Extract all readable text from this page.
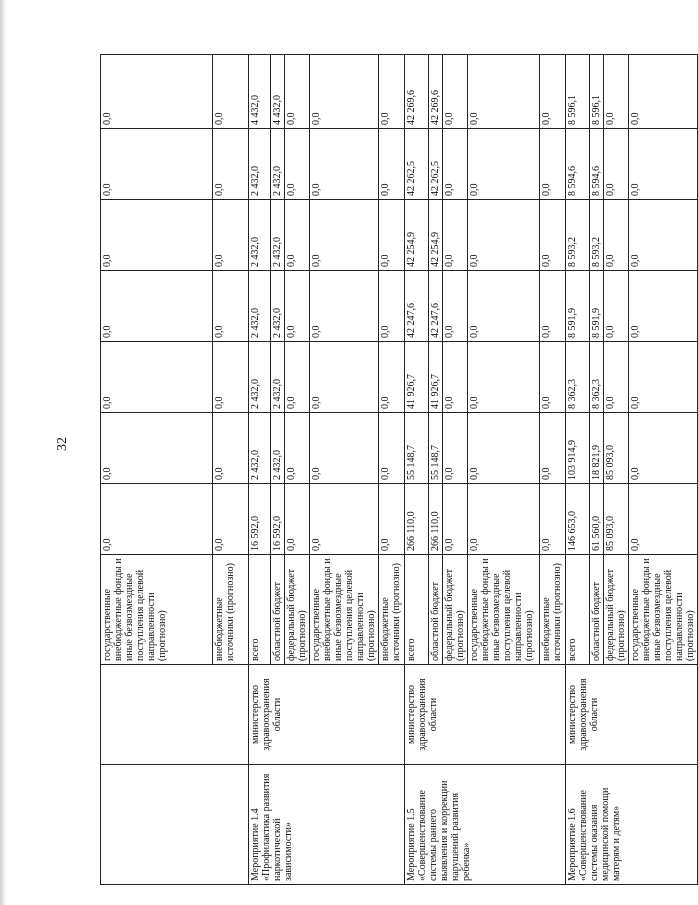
32
		государственные внебюджетные фонды и иные безвозмездные поступления целевой направленности (прогнозно)	0,0	0,0	0,0	0,0	0,0	0,0	0,0
		внебюджетные источники (прогнозно)	0,0	0,0	0,0	0,0	0,0	0,0	0,0
Мероприятие 1.4 «Профилактика развития наркотической зависимости»	министерство здравоохранения области	всего	16 592,0	2 432,0	2 432,0	2 432,0	2 432,0	2 432,0	4 432,0
		областной бюджет	16 592,0	2 432,0	2 432,0	2 432,0	2 432,0	2 432,0	4 432,0
		федеральный бюджет (прогнозно)	0,0	0,0	0,0	0,0	0,0	0,0	0,0
		государственные внебюджетные фонды и иные безвозмездные поступления целевой направленности (прогнозно)	0,0	0,0	0,0	0,0	0,0	0,0	0,0
		внебюджетные источники (прогнозно)	0,0	0,0	0,0	0,0	0,0	0,0	0,0
Мероприятие 1.5 «Совершенствование системы раннего выявления и коррекции нарушений развития ребенка»	министерство здравоохранения области	всего	266 110,0	55 148,7	41 926,7	42 247,6	42 254,9	42 262,5	42 269,6
		областной бюджет	266 110,0	55 148,7	41 926,7	42 247,6	42 254,9	42 262,5	42 269,6
		федеральный бюджет (прогнозно)	0,0	0,0	0,0	0,0	0,0	0,0	0,0
		государственные внебюджетные фонды и иные безвозмездные поступления целевой направленности (прогнозно)	0,0	0,0	0,0	0,0	0,0	0,0	0,0
		внебюджетные источники (прогнозно)	0,0	0,0	0,0	0,0	0,0	0,0	0,0
Мероприятие 1.6 «Совершенствование системы оказания медицинской помощи матерям и детям»	министерство здравоохранения области	всего	146 653,0	103 914,9	8 362,3	8 591,9	8 593,2	8 594,6	8 596,1
		областной бюджет	61 560,0	18 821,9	8 362,3	8 591,9	8 593,2	8 594,6	8 596,1
		федеральный бюджет (прогнозно)	85 093,0	85 093,0	0,0	0,0	0,0	0,0	0,0
		государственные внебюджетные фонды и иные безвозмездные поступления целевой направленности (прогнозно)	0,0	0,0	0,0	0,0	0,0	0,0	0,0
